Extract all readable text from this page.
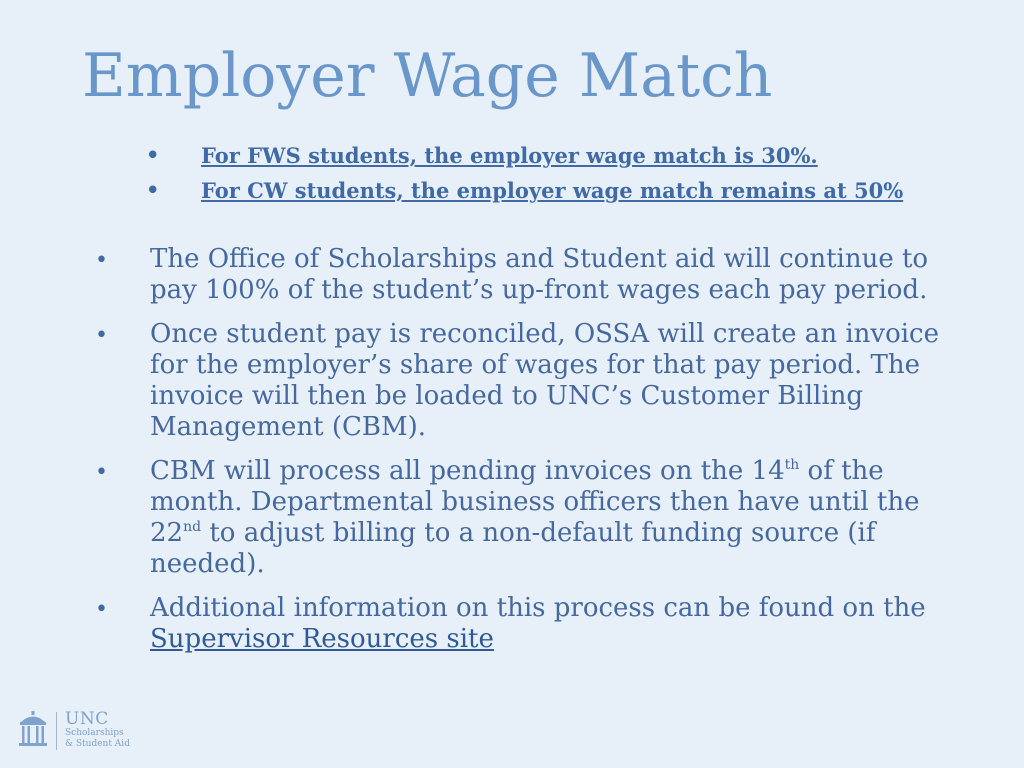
Employer Wage Match
• For FWS students, the employer wage match is 30%.
• For CW students, the employer wage match remains at 50%
• The Office of Scholarships and Student aid will continue to pay 100% of the student’s up-front wages each pay period.
• Once student pay is reconciled, OSSA will create an invoice for the employer’s share of wages for that pay period. The invoice will then be loaded to UNC’s Customer Billing Management (CBM).
• CBM will process all pending invoices on the 14th of the month. Departmental business officers then have until the 22nd to adjust billing to a non-default funding source (if needed).
• Additional information on this process can be found on the Supervisor Resources site
UNC
Scholarships
& Student Aid
